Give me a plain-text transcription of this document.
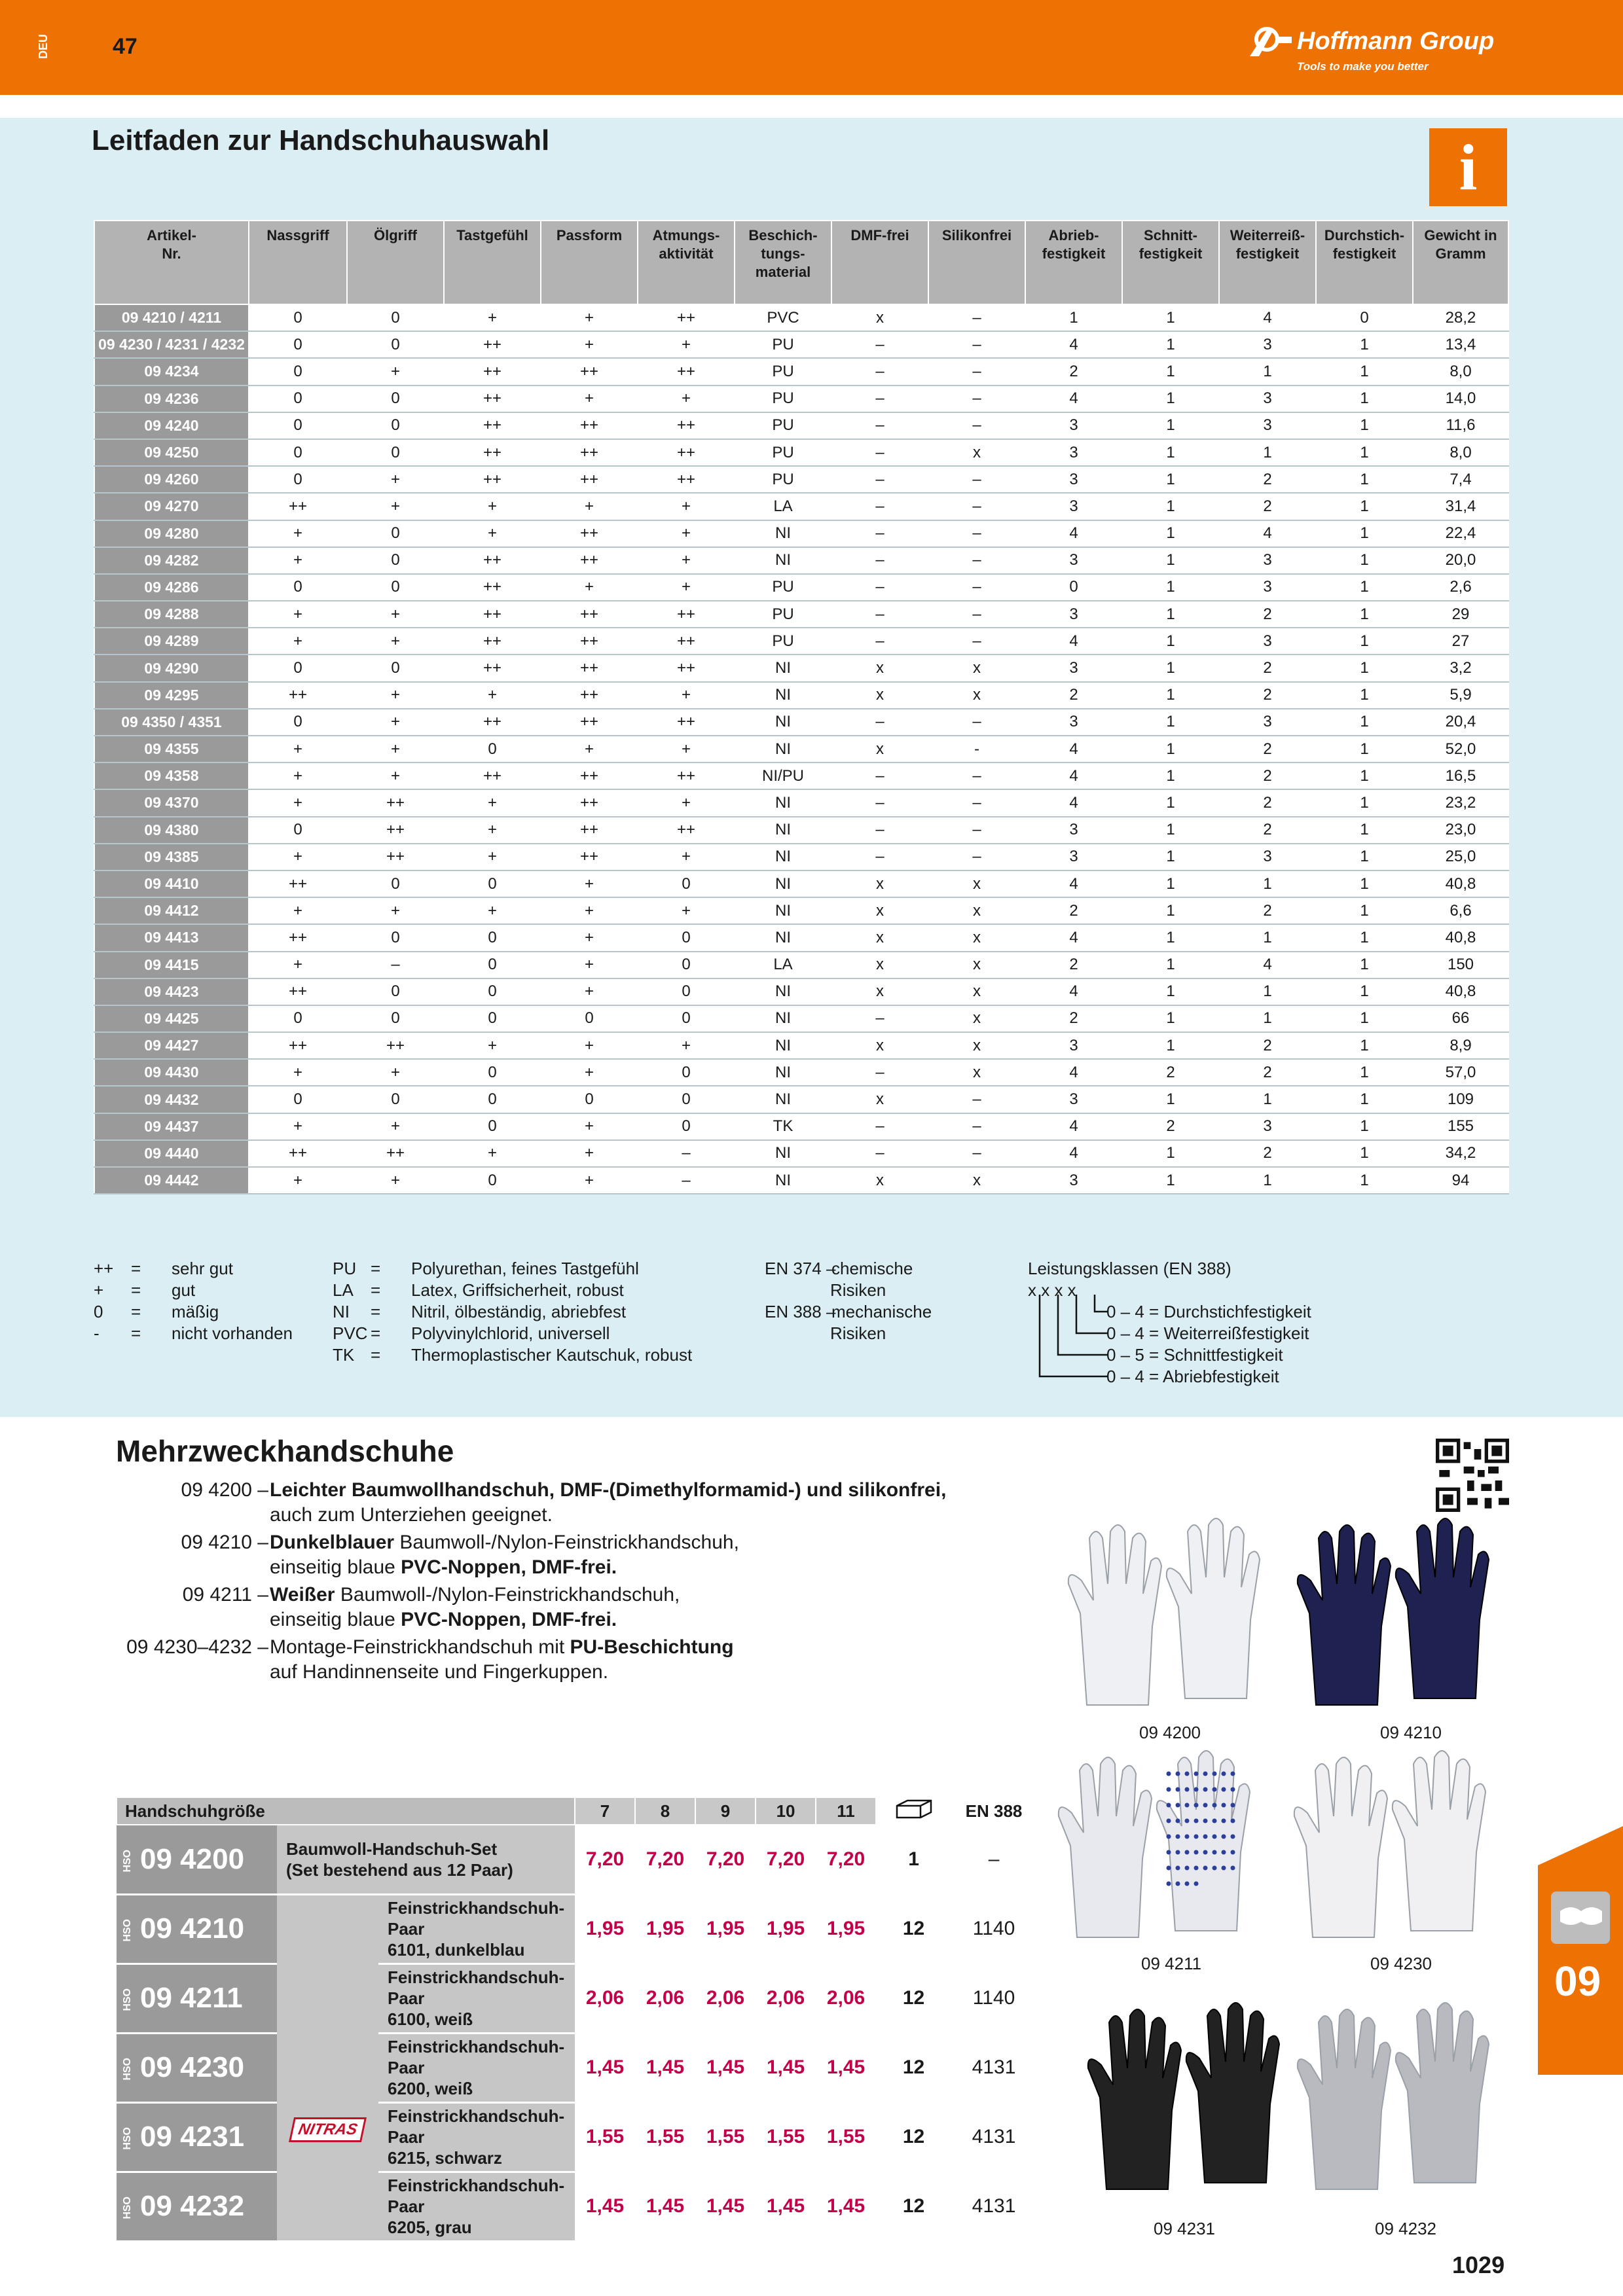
DEU	47	Hoffmann Group
Tools to make you better
Leitfaden zur Handschuhauswahl	i
Artikel-
Nr.	Nassgriff	Ölgriff	Tastgefühl	Passform	Atmungs-
aktivität	Beschich-
tungs-
material	DMF-frei	Silikonfrei	Abrieb-
festigkeit	Schnitt-
festigkeit	Weiterreiß-
festigkeit	Durchstich-
festigkeit	Gewicht in
Gramm
09 4210 / 4211	0	0	+	+	++	PVC	x	–	1	1	4	0	28,2
09 4230 / 4231 / 4232	0	0	++	+	+	PU	–	–	4	1	3	1	13,4
09 4234	0	+	++	++	++	PU	–	–	2	1	1	1	8,0
09 4236	0	0	++	+	+	PU	–	–	4	1	3	1	14,0
09 4240	0	0	++	++	++	PU	–	–	3	1	3	1	11,6
09 4250	0	0	++	++	++	PU	–	x	3	1	1	1	8,0
09 4260	0	+	++	++	++	PU	–	–	3	1	2	1	7,4
09 4270	++	+	+	+	+	LA	–	–	3	1	2	1	31,4
09 4280	+	0	+	++	+	NI	–	–	4	1	4	1	22,4
09 4282	+	0	++	++	+	NI	–	–	3	1	3	1	20,0
09 4286	0	0	++	+	+	PU	–	–	0	1	3	1	2,6
09 4288	+	+	++	++	++	PU	–	–	3	1	2	1	29
09 4289	+	+	++	++	++	PU	–	–	4	1	3	1	27
09 4290	0	0	++	++	++	NI	x	x	3	1	2	1	3,2
09 4295	++	+	+	++	+	NI	x	x	2	1	2	1	5,9
09 4350 / 4351	0	+	++	++	++	NI	–	–	3	1	3	1	20,4
09 4355	+	+	0	+	+	NI	x	-	4	1	2	1	52,0
09 4358	+	+	++	++	++	NI/PU	–	–	4	1	2	1	16,5
09 4370	+	++	+	++	+	NI	–	–	4	1	2	1	23,2
09 4380	0	++	+	++	++	NI	–	–	3	1	2	1	23,0
09 4385	+	++	+	++	+	NI	–	–	3	1	3	1	25,0
09 4410	++	0	0	+	0	NI	x	x	4	1	1	1	40,8
09 4412	+	+	+	+	+	NI	x	x	2	1	2	1	6,6
09 4413	++	0	0	+	0	NI	x	x	4	1	1	1	40,8
09 4415	+	–	0	+	0	LA	x	x	2	1	4	1	150
09 4423	++	0	0	+	0	NI	x	x	4	1	1	1	40,8
09 4425	0	0	0	0	0	NI	–	x	2	1	1	1	66
09 4427	++	++	+	+	+	NI	x	x	3	1	2	1	8,9
09 4430	+	+	0	+	0	NI	–	x	4	2	2	1	57,0
09 4432	0	0	0	0	0	NI	x	–	3	1	1	1	109
09 4437	+	+	0	+	0	TK	–	–	4	2	3	1	155
09 4440	++	++	+	+	–	NI	–	–	4	1	2	1	34,2
09 4442	+	+	0	+	–	NI	x	x	3	1	1	1	94
++ = sehr gut
+ = gut
0 = mäßig
- = nicht vorhanden
PU = Polyurethan, feines Tastgefühl
LA = Latex, Griffsicherheit, robust
NI = Nitril, ölbeständig, abriebfest
PVC = Polyvinylchlorid, universell
TK = Thermoplastischer Kautschuk, robust
EN 374 –
chemische
Risiken
EN 388 –
mechanische
Risiken
Leistungsklassen (EN 388)
x x x x
0 – 4 = Durchstichfestigkeit
0 – 4 = Weiterreißfestigkeit
0 – 5 = Schnittfestigkeit
0 – 4 = Abriebfestigkeit
Mehrzweckhandschuhe
09 4200 – Leichter Baumwollhandschuh, DMF-(Dimethylformamid-) und silikonfrei,
auch zum Unterziehen geeignet.
09 4210 – Dunkelblauer Baumwoll-/Nylon-Feinstrickhandschuh,
einseitig blaue PVC-Noppen, DMF-frei.
09 4211 – Weißer Baumwoll-/Nylon-Feinstrickhandschuh,
einseitig blaue PVC-Noppen, DMF-frei.
09 4230–4232 – Montage-Feinstrickhandschuh mit PU-Beschichtung
auf Handinnenseite und Fingerkuppen.
09 4200	09 4210
09 4211	09 4230
09 4231	09 4232
Handschuhgröße			7	8	9	10	11		EN 388
HSO 09 4200	Baumwoll-Handschuh-Set
(Set bestehend aus 12 Paar)		7,20	7,20	7,20	7,20	7,20	1	–
HSO 09 4210	NITRAS	Feinstrickhandschuh-Paar
6101, dunkelblau	1,95	1,95	1,95	1,95	1,95	12	1140
HSO 09 4211		Feinstrickhandschuh-Paar
6100, weiß	2,06	2,06	2,06	2,06	2,06	12	1140
HSO 09 4230		Feinstrickhandschuh-Paar
6200, weiß	1,45	1,45	1,45	1,45	1,45	12	4131
HSO 09 4231		Feinstrickhandschuh-Paar
6215, schwarz	1,55	1,55	1,55	1,55	1,55	12	4131
HSO 09 4232		Feinstrickhandschuh-Paar
6205, grau	1,45	1,45	1,45	1,45	1,45	12	4131
09
1029
